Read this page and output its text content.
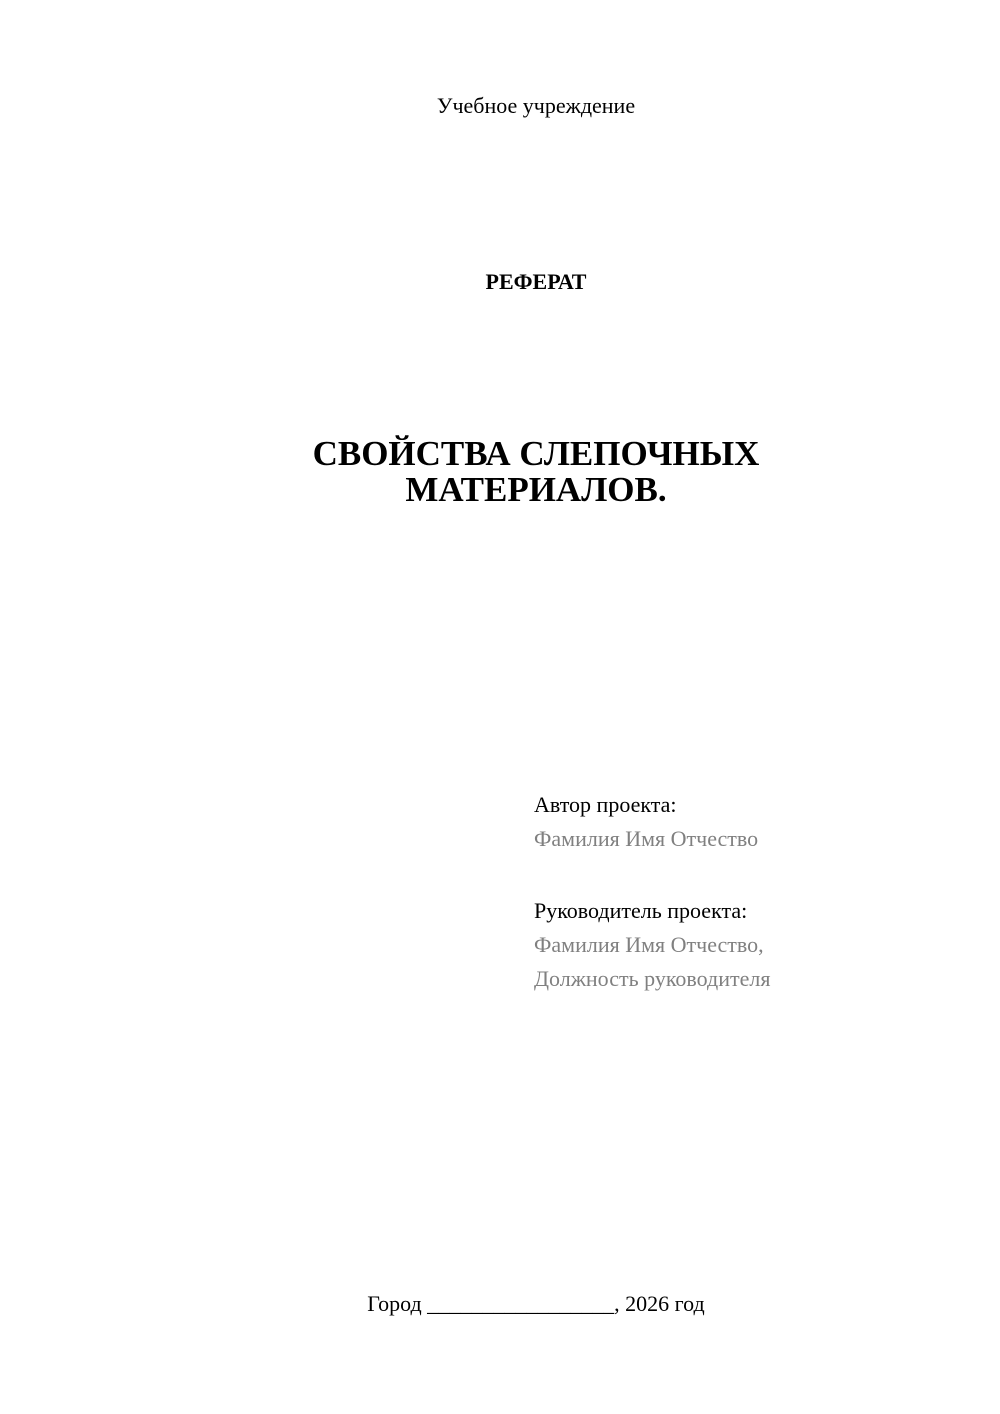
Учебное учреждение
РЕФЕРАТ
СВОЙСТВА СЛЕПОЧНЫХ
МАТЕРИАЛОВ.
Автор проекта:
Фамилия Имя Отчество
Руководитель проекта:
Фамилия Имя Отчество,
Должность руководителя
Город _________________, 2026 год
